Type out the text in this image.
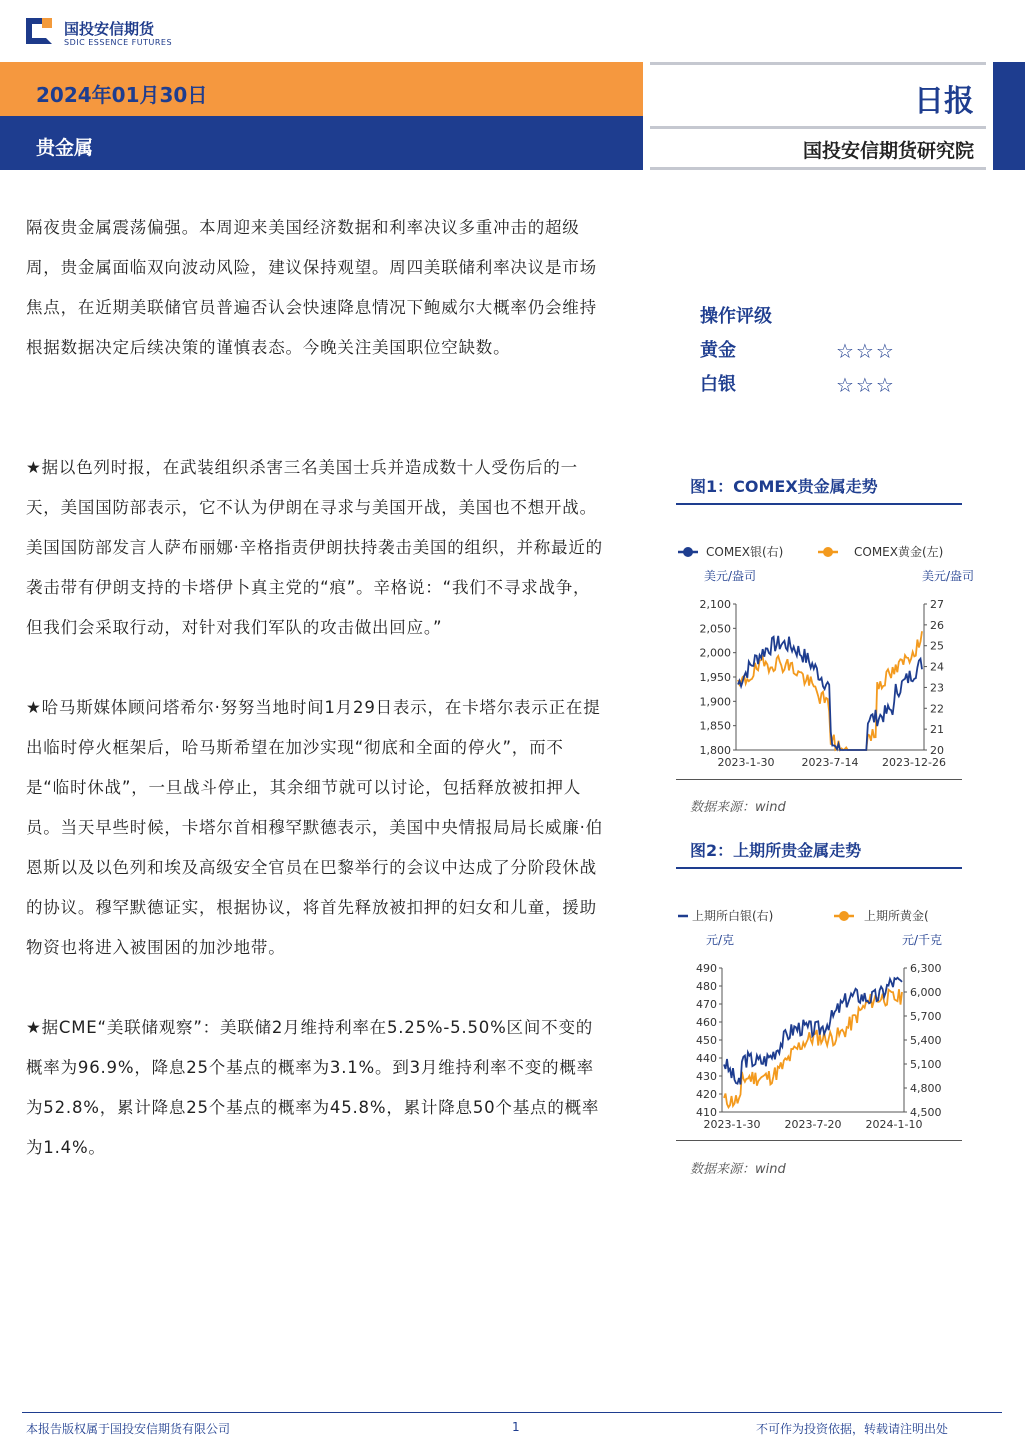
国投安信期货
SDIC ESSENCE FUTURES
2024年01月30日
贵金属
日报
国投安信期货研究院
隔夜贵金属震荡偏强。本周迎来美国经济数据和利率决议多重冲击的超级周，贵金属面临双向波动风险，建议保持观望。周四美联储利率决议是市场焦点，在近期美联储官员普遍否认会快速降息情况下鲍威尔大概率仍会维持根据数据决定后续决策的谨慎表态。今晚关注美国职位空缺数。
★据以色列时报，在武装组织杀害三名美国士兵并造成数十人受伤后的一天，美国国防部表示，它不认为伊朗在寻求与美国开战，美国也不想开战。美国国防部发言人萨布丽娜·辛格指责伊朗扶持袭击美国的组织，并称最近的袭击带有伊朗支持的卡塔伊卜真主党的“痕”。辛格说：“我们不寻求战争，但我们会采取行动，对针对我们军队的攻击做出回应。”
★哈马斯媒体顾问塔希尔·努努当地时间1月29日表示，在卡塔尔表示正在提出临时停火框架后，哈马斯希望在加沙实现“彻底和全面的停火”，而不是“临时休战”，一旦战斗停止，其余细节就可以讨论，包括释放被扣押人员。当天早些时候，卡塔尔首相穆罕默德表示，美国中央情报局局长威廉·伯恩斯以及以色列和埃及高级安全官员在巴黎举行的会议中达成了分阶段休战的协议。穆罕默德证实，根据协议，将首先释放被扣押的妇女和儿童，援助物资也将进入被围困的加沙地带。
★据CME“美联储观察”：美联储2月维持利率在5.25%-5.50%区间不变的概率为96.9%，降息25个基点的概率为3.1%。到3月维持利率不变的概率为52.8%，累计降息25个基点的概率为45.8%，累计降息50个基点的概率为1.4%。
操作评级
黄金	☆☆☆
白银	☆☆☆
图1：COMEX贵金属走势
COMEX银(右)	COMEX黄金(左)
美元/盎司	美元/盎司
2,100
2,050
2,000
1,950
1,900
1,850
1,800
27
26
25
24
23
22
21
20
2023-1-30 2023-7-14 2023-12-26
数据来源：wind
图2：上期所贵金属走势
上期所白银(右)	上期所黄金(
元/克	元/千克
490
480
470
460
450
440
430
420
410
6,300
6,000
5,700
5,400
5,100
4,800
4,500
2023-1-30 2023-7-20 2024-1-10
数据来源：wind
本报告版权属于国投安信期货有限公司	1	不可作为投资依据，转载请注明出处
